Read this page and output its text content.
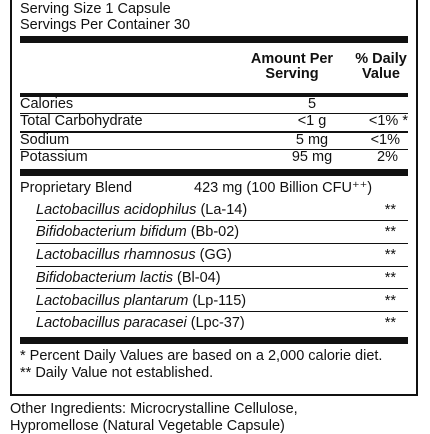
Serving Size 1 Capsule
Servings Per Container 30
Amount Per
Serving
% Daily
Value
Calories	5
Total Carbohydrate	<1 g	<1% *
Sodium	5 mg	<1%
Potassium	95 mg	2%
Proprietary Blend	423 mg (100 Billion CFU⁺⁺)
Lactobacillus acidophilus (La-14)	**
Bifidobacterium bifidum (Bb-02)	**
Lactobacillus rhamnosus (GG)	**
Bifidobacterium lactis (Bl-04)	**
Lactobacillus plantarum (Lp-115)	**
Lactobacillus paracasei (Lpc-37)	**
* Percent Daily Values are based on a 2,000 calorie diet.
** Daily Value not established.
Other Ingredients: Microcrystalline Cellulose,
Hypromellose (Natural Vegetable Capsule)
